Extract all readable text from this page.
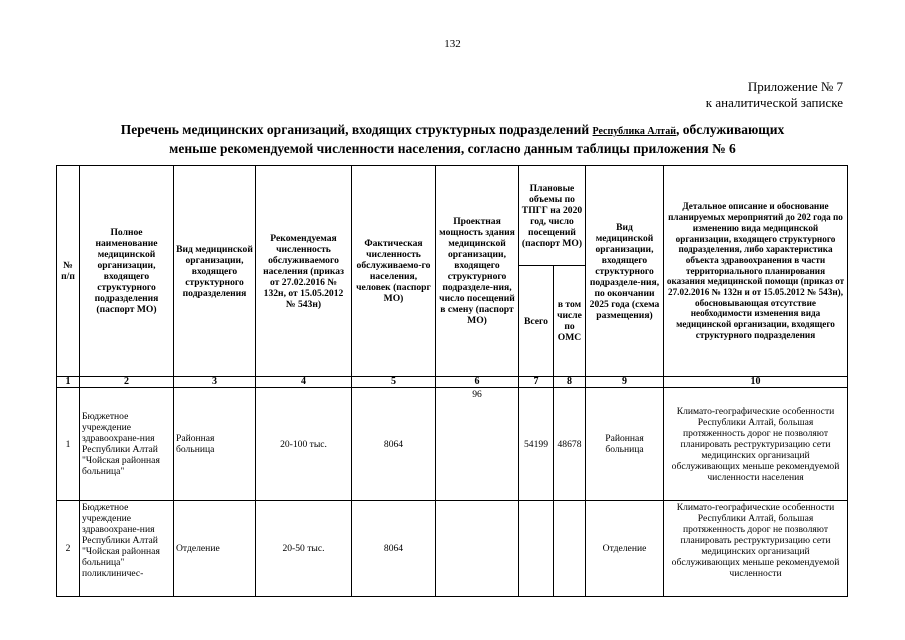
132
Приложение № 7
к аналитической записке
Перечень медицинских организаций, входящих структурных подразделений Республика Алтай, обслуживающих
меньше рекомендуемой численности населения, согласно данным таблицы приложения № 6
№ п/п	Полное наименование медицинской организации, входящего структурного подразделения (паспорт МО)	Вид медицинской организации, входящего структурного подразделения	Рекомендуемая численность обслуживаемого населения (приказ от 27.02.2016 № 132н, от 15.05.2012 № 543н)	Фактическая численность обслуживаемо-го населения, человек (паспорг МО)	Проектная мощность здания медицинской организации, входящего структурного подразделе-ния, число посещений в смену (паспорт МО)	Плановые объемы по ТПГГ на 2020 год, число посещений (паспорт МО)		Вид медицинской организации, входящего структурного подразделе-ния, по окончании 2025 года (схема размещения)	Детальное описание и обоснование планируемых мероприятий до 202 года по изменению вида медицинской организации, входящего структурного подразделения, либо характеристика объекта здравоохранения в части территориального планирования оказания медицинской помощи (приказ от 27.02.2016 № 132н и от 15.05.2012 № 543н), обосновывающая отсутствие необходимости изменения вида медицинской организации, входящего структурного подразделения
						Всего	в том числе по ОМС		
1	2	3	4	5	6	7	8	9	10
1	Бюджетное учреждение здравоохране-ния Республики Алтай "Чойская районная больница"	Районная больница	20-100 тыс.	8064	96	54199	48678	Районная больница	Климато-географические особенности Республики Алтай, большая протяженность дорог не позволяют планировать реструктуризацию сети медицинских организаций обслуживающих меньше рекомендуемой численности населения
2	Бюджетное учреждение здравоохране-ния Республики Алтай "Чойская районная больница" поликлиничес-	Отделение	20-50 тыс.	8064				Отделение	Климато-географические особенности Республики Алтай, большая протяженность дорог не позволяют планировать реструктуризацию сети медицинских организаций обслуживающих меньше рекомендуемой численности
